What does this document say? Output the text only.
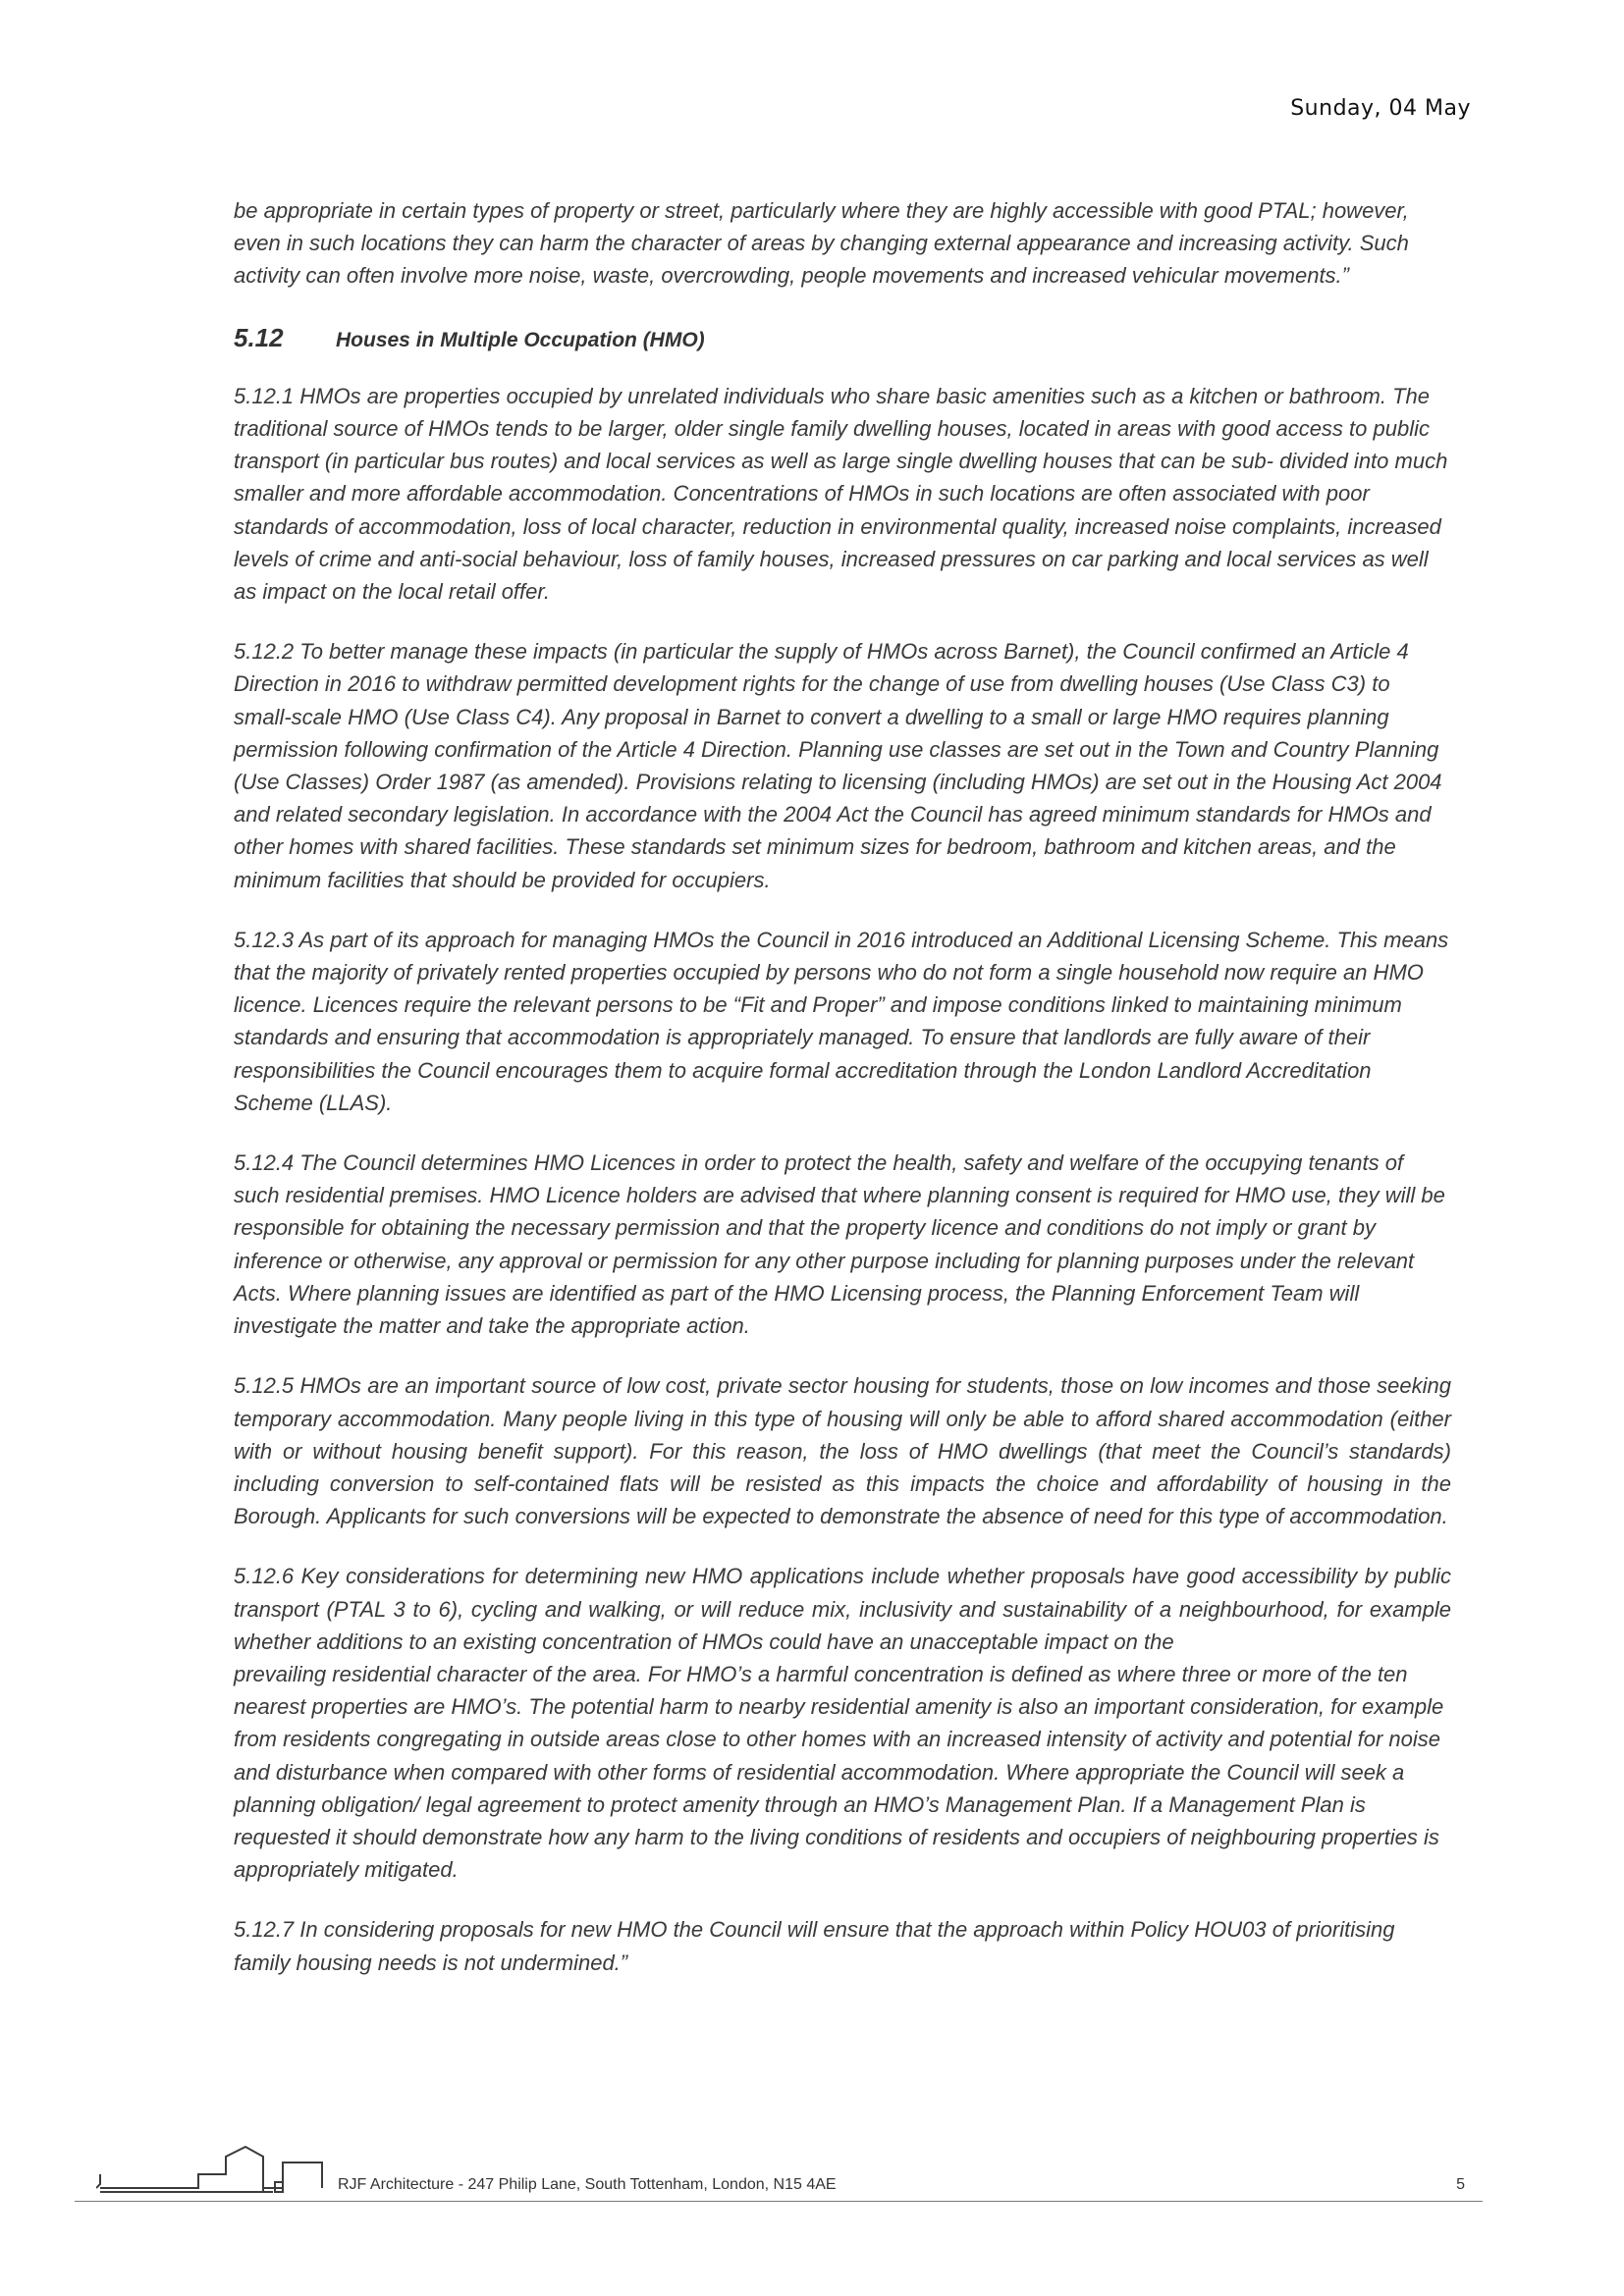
Sunday, 04 May

be appropriate in certain types of property or street, particularly where they are highly accessible with good PTAL; however, even in such locations they can harm the character of areas by changing external appearance and increasing activity. Such activity can often involve more noise, waste, overcrowding, people movements and increased vehicular movements.”

5.12	Houses in Multiple Occupation (HMO)

5.12.1 HMOs are properties occupied by unrelated individuals who share basic amenities such as a kitchen or bathroom. The traditional source of HMOs tends to be larger, older single family dwelling houses, located in areas with good access to public transport (in particular bus routes) and local services as well as large single dwelling houses that can be sub- divided into much smaller and more affordable accommodation. Concentrations of HMOs in such locations are often associated with poor standards of accommodation, loss of local character, reduction in environmental quality, increased noise complaints, increased levels of crime and anti-social behaviour, loss of family houses, increased pressures on car parking and local services as well as impact on the local retail offer.

5.12.2 To better manage these impacts (in particular the supply of HMOs across Barnet), the Council confirmed an Article 4 Direction in 2016 to withdraw permitted development rights for the change of use from dwelling houses (Use Class C3) to small-scale HMO (Use Class C4). Any proposal in Barnet to convert a dwelling to a small or large HMO requires planning permission following confirmation of the Article 4 Direction. Planning use classes are set out in the Town and Country Planning (Use Classes) Order 1987 (as amended). Provisions relating to licensing (including HMOs) are set out in the Housing Act 2004 and related secondary legislation. In accordance with the 2004 Act the Council has agreed minimum standards for HMOs and other homes with shared facilities. These standards set minimum sizes for bedroom, bathroom and kitchen areas, and the minimum facilities that should be provided for occupiers.

5.12.3 As part of its approach for managing HMOs the Council in 2016 introduced an Additional Licensing Scheme. This means that the majority of privately rented properties occupied by persons who do not form a single household now require an HMO licence. Licences require the relevant persons to be “Fit and Proper” and impose conditions linked to maintaining minimum standards and ensuring that accommodation is appropriately managed. To ensure that landlords are fully aware of their responsibilities the Council encourages them to acquire formal accreditation through the London Landlord Accreditation Scheme (LLAS).

5.12.4 The Council determines HMO Licences in order to protect the health, safety and welfare of the occupying tenants of such residential premises. HMO Licence holders are advised that where planning consent is required for HMO use, they will be responsible for obtaining the necessary permission and that the property licence and conditions do not imply or grant by inference or otherwise, any approval or permission for any other purpose including for planning purposes under the relevant Acts. Where planning issues are identified as part of the HMO Licensing process, the Planning Enforcement Team will investigate the matter and take the appropriate action.

5.12.5 HMOs are an important source of low cost, private sector housing for students, those on low incomes and those seeking temporary accommodation. Many people living in this type of housing will only be able to afford shared accommodation (either with or without housing benefit support). For this reason, the loss of HMO dwellings (that meet the Council’s standards) including conversion to self-contained flats will be resisted as this impacts the choice and affordability of housing in the Borough. Applicants for such conversions will be expected to demonstrate the absence of need for this type of accommodation.

5.12.6 Key considerations for determining new HMO applications include whether proposals have good accessibility by public transport (PTAL 3 to 6), cycling and walking, or will reduce mix, inclusivity and sustainability of a neighbourhood, for example whether additions to an existing concentration of HMOs could have an unacceptable impact on the

prevailing residential character of the area. For HMO’s a harmful concentration is defined as where three or more of the ten nearest properties are HMO’s. The potential harm to nearby residential amenity is also an important consideration, for example from residents congregating in outside areas close to other homes with an increased intensity of activity and potential for noise and disturbance when compared with other forms of residential accommodation. Where appropriate the Council will seek a planning obligation/ legal agreement to protect amenity through an HMO’s Management Plan. If a Management Plan is requested it should demonstrate how any harm to the living conditions of residents and occupiers of neighbouring properties is appropriately mitigated.

5.12.7 In considering proposals for new HMO the Council will ensure that the approach within Policy HOU03 of prioritising family housing needs is not undermined.”

RJF Architecture - 247 Philip Lane, South Tottenham, London, N15 4AE	5
